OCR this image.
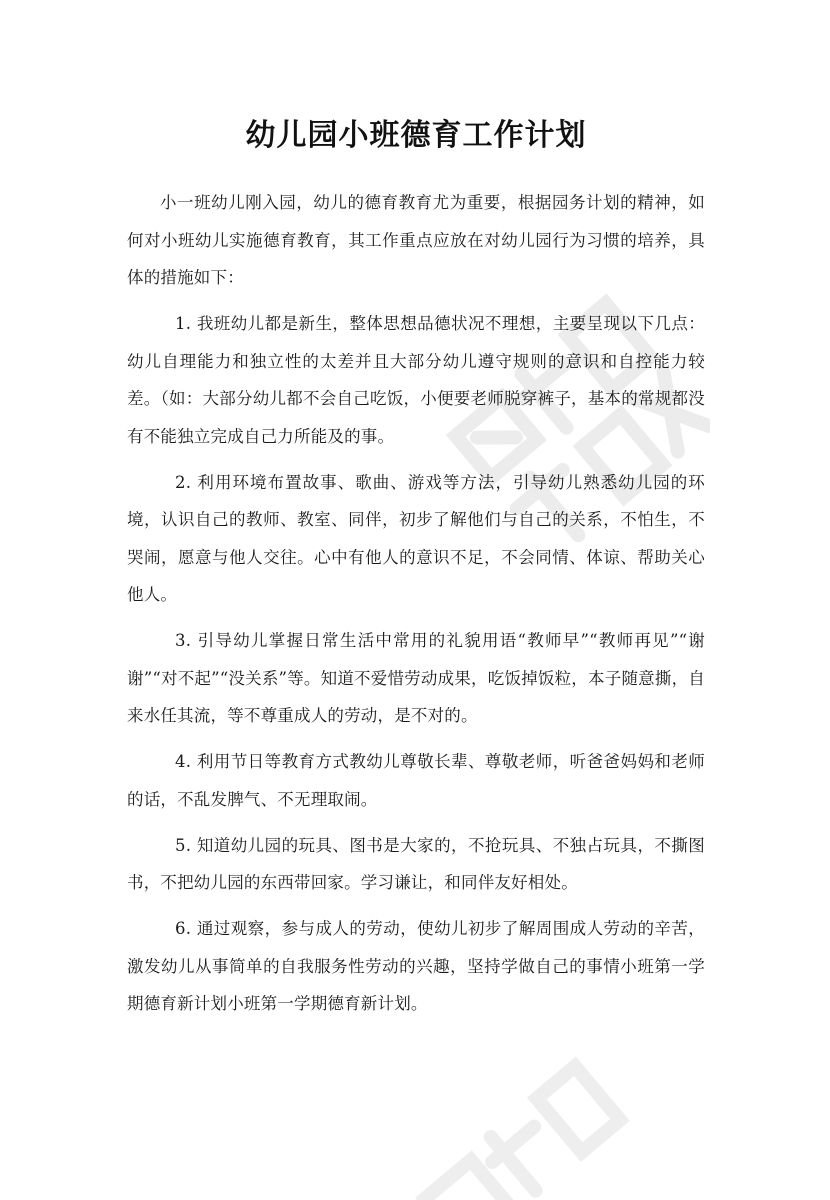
幼儿园小班德育工作计划

小一班幼儿刚入园，幼儿的德育教育尤为重要，根据园务计划的精神，如何对小班幼儿实施德育教育，其工作重点应放在对幼儿园行为习惯的培养，具体的措施如下：

1. 我班幼儿都是新生，整体思想品德状况不理想，主要呈现以下几点：幼儿自理能力和独立性的太差并且大部分幼儿遵守规则的意识和自控能力较差。（如：大部分幼儿都不会自己吃饭，小便要老师脱穿裤子，基本的常规都没有不能独立完成自己力所能及的事。

2. 利用环境布置故事、歌曲、游戏等方法，引导幼儿熟悉幼儿园的环境，认识自己的教师、教室、同伴，初步了解他们与自己的关系，不怕生，不哭闹，愿意与他人交往。心中有他人的意识不足，不会同情、体谅、帮助关心他人。

3. 引导幼儿掌握日常生活中常用的礼貌用语“教师早”“教师再见”“谢谢”“对不起”“没关系”等。知道不爱惜劳动成果，吃饭掉饭粒，本子随意撕，自来水任其流，等不尊重成人的劳动，是不对的。

4. 利用节日等教育方式教幼儿尊敬长辈、尊敬老师，听爸爸妈妈和老师的话，不乱发脾气、不无理取闹。

5. 知道幼儿园的玩具、图书是大家的，不抢玩具、不独占玩具，不撕图书，不把幼儿园的东西带回家。学习谦让，和同伴友好相处。

6. 通过观察，参与成人的劳动，使幼儿初步了解周围成人劳动的辛苦，激发幼儿从事简单的自我服务性劳动的兴趣，坚持学做自己的事情小班第一学期德育新计划小班第一学期德育新计划。
